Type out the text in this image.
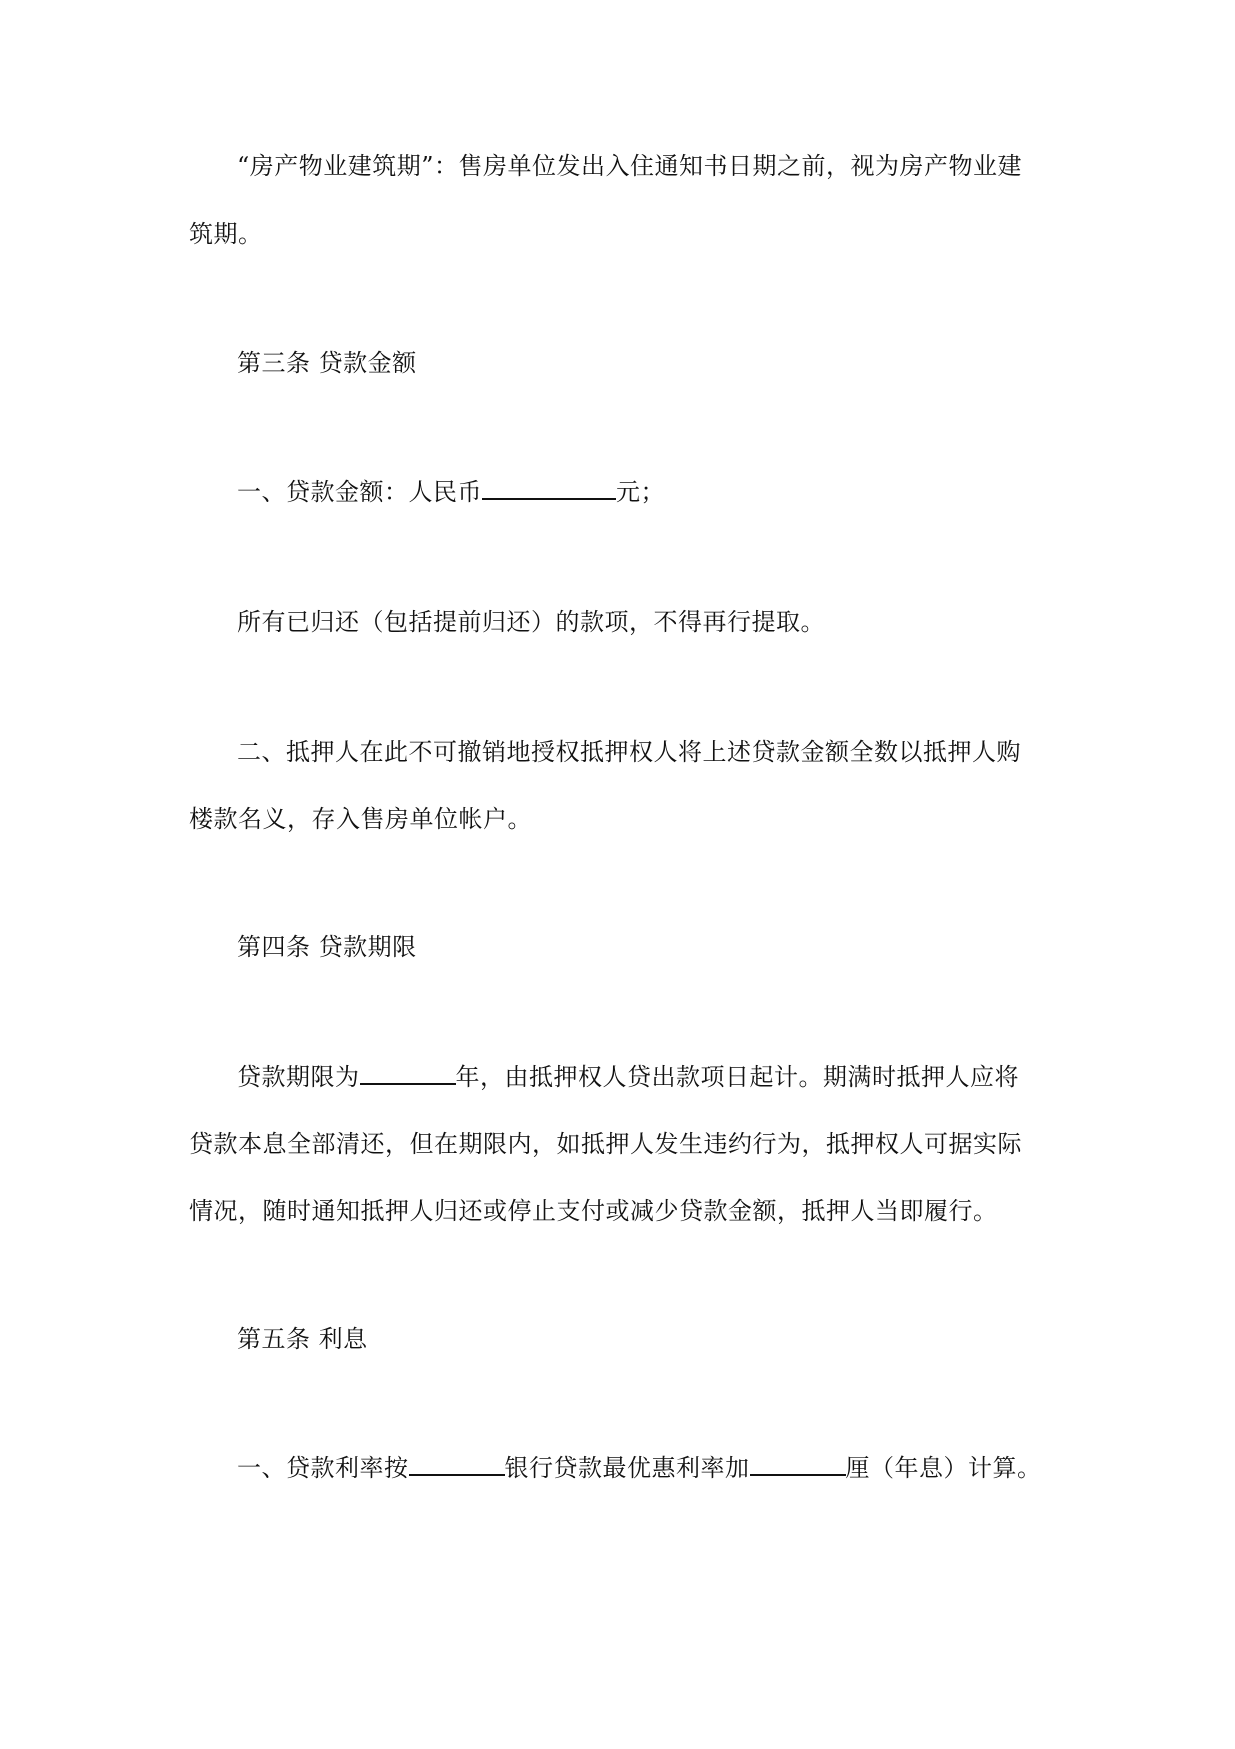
“房产物业建筑期”：售房单位发出入住通知书日期之前，视为房产物业建
筑期。
第三条 贷款金额
一、贷款金额：人民币	元；
所有已归还（包括提前归还）的款项，不得再行提取。
二、抵押人在此不可撤销地授权抵押权人将上述贷款金额全数以抵押人购
楼款名义，存入售房单位帐户。
第四条 贷款期限
贷款期限为	年，由抵押权人贷出款项日起计。期满时抵押人应将
贷款本息全部清还，但在期限内，如抵押人发生违约行为，抵押权人可据实际
情况，随时通知抵押人归还或停止支付或减少贷款金额，抵押人当即履行。
第五条 利息
一、贷款利率按	银行贷款最优惠利率加	厘（年息）计算。
